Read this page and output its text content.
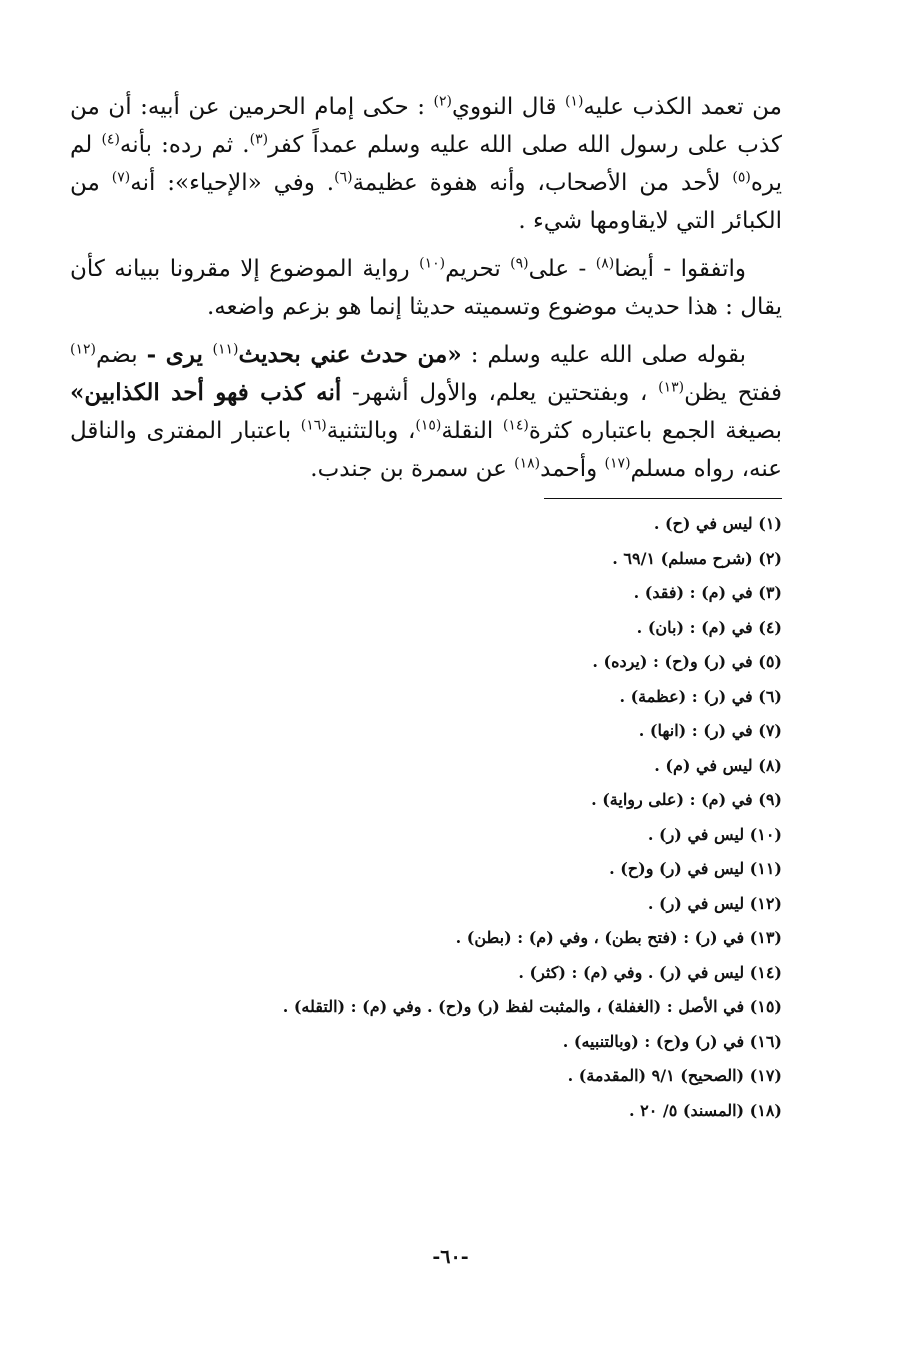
من تعمد الكذب عليه$^{(١)}$ قال النووي$^{(٢)}$ : حكى إمام الحرمين عن أبيه: أن من كذب على رسول الله صلى الله عليه وسلم عمداً كفر$^{(٣)}$. ثم رده: بأنه$^{(٤)}$ لم يره$^{(٥)}$ لأحد من الأصحاب، وأنه هفوة عظيمة$^{(٦)}$. وفي «الإحياء»: أنه$^{(٧)}$ من الكبائر التي لايقاومها شيء .

واتفقوا - أيضا$^{(٨)}$ - على$^{(٩)}$ تحريم$^{(١٠)}$ رواية الموضوع إلا مقرونا ببيانه كأن يقال : هذا حديث موضوع وتسميته حديثا إنما هو بزعم واضعه.

بقوله صلى الله عليه وسلم : «من حدث عني بحديث$^{(١١)}$ يرى - بضم$^{(١٢)}$ ففتح يظن$^{(١٣)}$ ، وبفتحتين يعلم، والأول أشهر- أنه كذب فهو أحد الكذابين» بصيغة الجمع باعتباره كثرة$^{(١٤)}$ النقلة$^{(١٥)}$، وبالتثنية$^{(١٦)}$ باعتبار المفترى والناقل عنه، رواه مسلم$^{(١٧)}$ وأحمد$^{(١٨)}$ عن سمرة بن جندب.

(١) ليس في (ح) .
(٢) (شرح مسلم) ٦٩/١ .
(٣) في (م) : (فقد) .
(٤) في (م) : (بان) .
(٥) في (ر) و(ح) : (يرده) .
(٦) في (ر) : (عظمة) .
(٧) في (ر) : (انها) .
(٨) ليس في (م) .
(٩) في (م) : (على رواية) .
(١٠) ليس في (ر) .
(١١) ليس في (ر) و(ح) .
(١٢) ليس في (ر) .
(١٣) في (ر) : (فتح بطن) ، وفي (م) : (بطن) .
(١٤) ليس في (ر) . وفي (م) : (كثر) .
(١٥) في الأصل : (الغفلة) ، والمثبت لفظ (ر) و(ح) . وفي (م) : (التقله) .
(١٦) في (ر) و(ح) : (وبالتنبيه) .
(١٧) (الصحيح) ٩/١ (المقدمة) .
(١٨) (المسند) ٥/ ٢٠ .
-٦٠-
